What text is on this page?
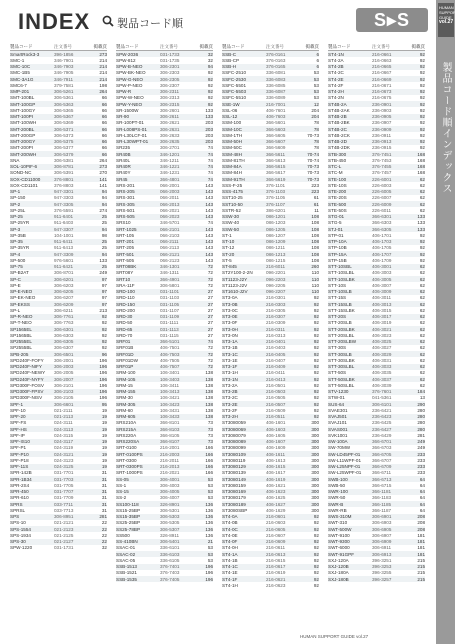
INDEX 製品コード順	S▸S
HUMAN SUPPORT GUIDE
vol.27
製品コード順インデックス
製品コード	注文番号	掲載頁
SmartRock3-3	396-1856	273
SMC-1	346-7901	214
SMC-10C	346-7903	214
SMC-1B5	346-7905	214
SMC-3A1G	346-7911	214
SMC6-7	379-7581	198
SMP-201	306-5261	264
SMT-100BL	306-5361	66
SMT-100GP	306-5363	66
SMT-100GY	306-5365	66
SMT-100PI	306-5367	66
SMT-100WH	306-5369	66
SMT-200BL	306-5371	66
SMT-200GP	306-5373	66
SMT-200GY	306-5375	66
SMT-200PI	306-5377	66
SMT-200WH	306-5379	66
SNA	306-5381	264
SOL-10PIF-6	306-8781	273
SOND-NC	306-5391	270
SOX-CD11000	376-8801	141
SOX-CD1101	376-8803	141
SP-1	947-3301	94
SP-150	947-3303	94
SP-2	947-3305	94
SP-25L	376-5591	274
SP-25	911-6401	25
SP-25YR	911-6403	25
SP-3	947-3307	94
SP-35B	104-1001	98
SP-35	911-6411	25
SP-35YR	911-6413	25
SP-4	947-3309	94
SP-500	976-5601	133
SP-75	911-6421	25
SP-B2AT	306-8701	249
SP-C	306-6201	97
SP-E	306-6203	97
SP-E-NEO	306-6205	97
SP-EK-NEO	306-6207	97
SP-EKSS	306-6209	97
SP-L	306-6211	213
SP-R-NEO	306-7761	92
SP-T-NEO	306-7763	92
SP1565EL	306-6301	92
SP1565BL	306-6303	92
SP2555EL	306-6305	92
SP2555BL	306-6307	92
SPB-205	306-6501	96
SPD240F-FOFY	306-2001	196
SPD240F-NIFY	306-2003	196
SPD240F-NEWY	306-2005	196
SPD240F-NYFY	306-2007	196
SPD300F-FOSV	306-2101	196
SPD300F-FPSV	306-2103	196
SPD300F-NISV	306-2105	196
SPF-1	306-6601	95
SPF-10	021-2111	19
SPF-20	021-2113	19
SPF-FS	024-3111	19
SPF-HS	024-3113	19
SPF-IP	024-3115	19
SPF-IS10	024-3117	19
SPF-P1	024-3119	19
SPF-P10	024-3121	19
SPF-P18	024-3123	19
SPF-11S	024-3125	19
SPR-142B	031-7701	31
SPR-1B34	031-7703	31
SPR-2S4	031-7705	31
SPR-450	031-7707	31
SPR-610	031-7709	31
SPRS	033-7711	31
SPRSL	033-7713	31
SPS	306-8951	281
SPS-10	021-2121	22
SPS-1554	021-2123	22
SPS-1934	021-2125	22
SPS-30	021-2127	22
SPW-1220	031-1731	32
製品コード	注文番号	掲載頁
SPW-2036	031-1733	32
SPW-812	031-1735	32
SPW-B-NEO	306-2301	94
SPW-BK-NEO	306-2303	92
SPW-G-NEO	306-2305	92
SPW-P-NEO	306-2307	92
SPW-R	306-2311	92
SPW-W-NEO	306-2313	92
SPW-Y-NEO	306-2315	92
SR-1500W	306-2601	133
SR-90	306-2611	133
SR-100PT-01	306-2621	203
SR-L008PS-01	306-2631	203
SR-L30LCF-01	306-2633	203
SR-L30WPT-01	306-2635	203
SR235	306-2701	74
SR40B	346-1201	74
SR40L	346-1211	74
SR40R	346-1221	74
SR40Y	346-1231	74
SR45	366-4801	74
SRS-201	066-2001	143
SRS-205	066-2003	143
SRS-301	066-2011	143
SRS-305	066-2013	143
SRS-501	066-2021	143
SRS-505	066-2023	143
SRS10	346-5701	74
SRT-1025	066-2101	143
SRT-105	066-2103	143
SRT-201	066-2111	143
SRT-205	066-2113	143
SRT-501	066-2121	143
SRT-505	066-2123	143
SRT08BK	346-1301	72
SRT08Y	346-1311	72
SRT10	366-4901	72
SRA-11F	306-5801	72
SRD-100	031-1101	27
SRD-110	031-1103	27
SRD-150	031-1105	27
SRD-200	031-1107	27
SRD-30	031-1109	27
SRD-50	031-1111	27
SRD-65	031-1113	27
SRD-70	031-1115	27
SRF01	366-5101	74
SRF01B	406-7501	72
SRF01D	406-7503	72
SRF01DW	406-7505	72
SRF01P	406-7507	72
SRM-100	106-3401	138
SRM-105	106-3403	138
SRM-15	106-3411	138
SRM-155	106-3413	138
SRM-30	106-3421	138
SRM-305	106-3423	138
SRM-60	106-3431	138
SRM-605	106-3433	138
SRS210A	366-8101	73
SRS215A	366-8103	73
SRS220A	366-8105	73
SRS220SA	366-8107	73
SRT-0100	216-2001	166
SRT-0100PS	216-2003	166
SRT-0300	216-2011	166
SRT-0300PS	216-2013	166
SRT-1000PS	216-2021	166
SS-05	306-4001	53
SS-1	306-4003	53
SS-15	306-4005	53
SS-2	306-4007	53
SS100-118	326-8901	136
SS15-25BP	306-5301	136
SS15-35BP	306-5303	136
SS25-25BP	306-5305	136
SS25-78BP	306-5307	136
SS500	326-8911	136
SS-410BN	306-5401	21
SSAC-01	336-6101	53
SSAC-02	336-6103	53
SSAC-05	336-6105	53
SSB-1513	376-7401	196
SSB-1521	376-7403	196
SSB-1535	376-7405	196
製品コード	注文番号	掲載頁
SSB-C	376-0161	6
SSB-CP	376-0163	6
SSB-H	376-0165	6
SSFC-2510	336-6081	53
SSFC-2530	336-6083	53
SSFC-5501	336-6085	53
SSFC-5503	336-6087	53
SSFC-5510	336-6089	53
SSE-1W	216-7001	12
SSL-06	406-7601	204
SSL-12	406-7603	204
SSM-100	366-5601	78
SSM-10C	366-5603	78
SSM-1TH	366-5605	70-73
SSM-50H	366-5607	78
SSM-50C	366-5609	78
SSM-48H	366-5611	70-74
SSM-81TH	366-5613	70-74
SSM-84A	366-5615	70-73
SSM-84H	366-5617	70-73
SSM-91TH	366-5619	70-73
SSS-F-25	376-1101	223
SSS-4175	376-1103	223
SST10-25	376-1105	61
SST10-50	376-1107	61
SSTR-52	386-6201	11
SSW-30	086-1201	108
SSW-40	086-1203	108
SSW-50	086-1205	108
ST-1	086-1207	108
ST-10	086-1209	108
ST-12	086-1211	108
ST-20	086-1213	108
ST-5	086-1215	108
ST-845	216-6011	260
ST2Y100-2-2N	096-2201	110
ST1123-J2Y	096-2203	110
ST1123-J2V	096-2205	110
ST1610-J2V	096-2207	110
ST3-0A	216-0301	92
ST3-0B	216-0303	92
ST3-0C	216-0305	92
ST3-0E	216-0307	92
ST3-0F	216-0309	92
ST3-0H	216-0311	92
ST3-0N	216-0313	92
ST3-1A	216-0401	92
ST3-1B	216-0403	92
ST3-1C	216-0405	92
ST3-1E	216-0407	92
ST3-1F	216-0409	92
ST3-1H	216-0411	92
ST3-1N	216-0413	92
ST3-2A	216-0501	92
ST3-2B	216-0503	92
ST3-2C	216-0505	92
ST3-2E	216-0507	92
ST3-2F	216-0509	92
ST3-2H	216-0511	92
ST3080059	406-1601	300
ST3080069	406-1603	300
ST3080079	406-1605	300
ST3080089	406-1607	300
ST3080099	406-1609	300
ST3080109	406-1611	300
ST3080119	406-1613	300
ST3080129	406-1615	300
ST3080139	406-1617	300
ST3080149	406-1619	300
ST3080159	406-1621	300
ST3080169	406-1623	300
ST3080179	406-1625	300
ST3080189	406-1627	300
ST3080SBP	406-1629	300
ST4-0A	216-0601	92
ST4-0B	216-0603	92
ST4-0C	216-0605	92
ST4-0E	216-0607	92
ST4-0F	216-0609	92
ST4-0H	216-0611	92
ST4-1A	216-0613	92
ST4-1B	216-0615	92
ST4-1C	216-0617	92
ST4-1E	216-0619	92
ST4-1F	216-0621	92
ST4-1H	216-0623	92
製品コード	注文番号	掲載頁
ST4-1N	216-0661	92
ST4-2A	216-0663	92
ST4-2B	216-0665	92
ST4-2C	216-0667	92
ST4-2E	216-0669	92
ST4-2F	216-0671	92
ST4-2H	216-0673	92
ST4-2N	216-0675	92
ST4B-2A	236-0901	92
ST4B-2AK	236-0903	92
ST4B-2B	236-0905	92
ST4B-2BK	236-0907	92
ST4B-2C	236-0909	92
ST4B-2CK	236-0911	92
ST4B-2D	236-0913	92
ST4B-2DK	236-0915	92
STB-300	376-7451	168
STB-450	376-7453	168
STC-L	376-7455	168
STC-M	376-7457	168
STE-100	226-6001	62
STE-10S	226-6003	62
STE-200	226-6005	62
STE-20S	226-6007	62
STE-500	226-6009	62
STE-50S	226-6011	62
STG-01	366-6301	133
STG-5	366-6303	133
STJ-01	366-6305	133
STP-01	406-1701	92
STP-10A	406-1703	92
STP-10B	406-1705	92
STP-15A	406-1707	92
STP-15B	406-1709	92
STT-10SBL	406-3001	62
STT-10SLBL	406-3003	62
STT-10SLBK	406-3005	62
STT-10S	406-3007	62
STT-10SLB	406-3009	62
STT-15S	406-3011	62
STT-15SLB	406-3013	62
STT-15SLBK	406-3015	62
STT-20S	406-3017	62
STT-20SLB	406-3019	62
STT-20SLBK	406-3021	62
STT-20SLBL	406-3023	62
STT-20SLBW	406-3025	62
STT-30S	406-3027	62
STT-30SLB	406-3029	62
STT-30SLBK	406-3031	62
STT-30SLBL	406-3033	62
STT-50S	406-3035	62
STT-50SLBK	406-3037	62
STT-50SLBL	406-3039	62
STV-1230	376-7601	184
STW-01	041-5361	13
SUS-64	306-6101	290
SVAE301	236-6421	280
SVAJ501	236-6423	280
SVAJ101	236-6425	280
SVAS001	236-6427	280
SVK1001	236-6429	281
SW-100A	366-6701	249
SW-70MW	366-6703	249
SW-LD45PF-01	366-6705	233
SW-L11WPF-01	366-6707	233
SW-L25NPF-01	366-6709	233
SW-L25WPF-01	366-6711	233
SWB-100	366-6713	64
SWB-50	366-6715	64
SWR-100	366-1181	64
SWR-50	366-1183	64
SWR-B	366-1185	64
SWR-RB	366-1187	64
SWS-310M	306-6901	208
SWT-310	306-6903	208
SWT-500W	306-6905	208
SWT-9100	306-6907	181
SWT-9300	306-6909	181
SWT-6000	306-6911	181
SWT-91GPF	306-6913	181
SXJ-120A	396-3251	215
SXJ-120B	396-3253	215
SXJ-180A	396-3255	215
SXJ-180B	396-3257	215
HUMAN SUPPORT GUIDE vol.27
